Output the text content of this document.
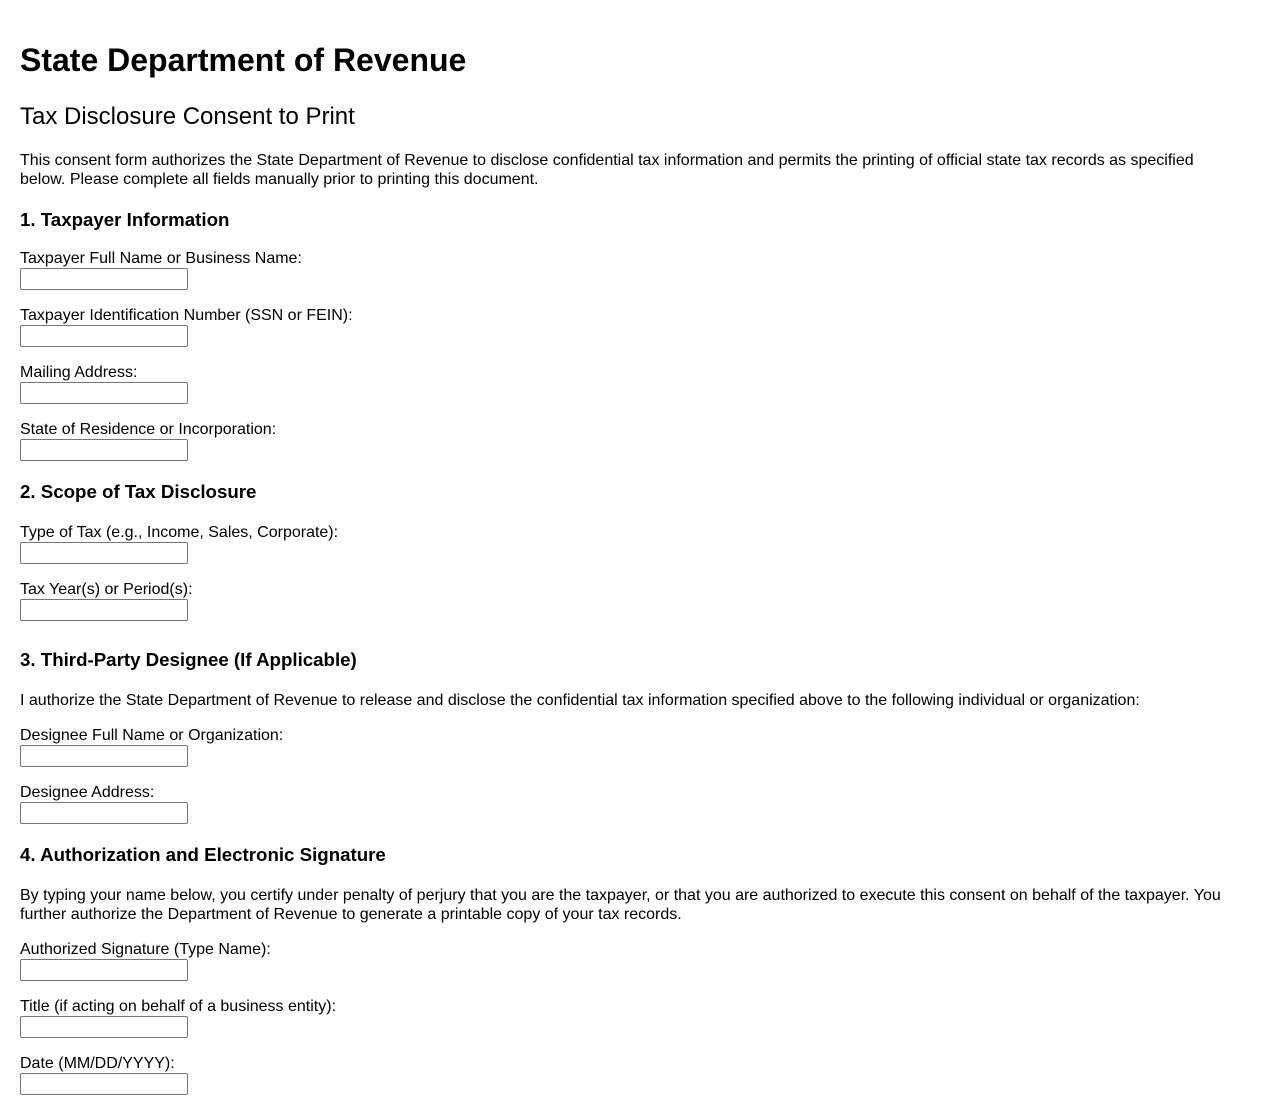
State Department of Revenue
Tax Disclosure Consent to Print

This consent form authorizes the State Department of Revenue to disclose confidential tax information and permits the printing of official state tax records as specified below. Please complete all fields manually prior to printing this document.

1. Taxpayer Information
Taxpayer Full Name or Business Name:
Taxpayer Identification Number (SSN or FEIN):
Mailing Address:
State of Residence or Incorporation:
2. Scope of Tax Disclosure
Type of Tax (e.g., Income, Sales, Corporate):
Tax Year(s) or Period(s):
3. Third-Party Designee (If Applicable)

I authorize the State Department of Revenue to release and disclose the confidential tax information specified above to the following individual or organization:

Designee Full Name or Organization:
Designee Address:
4. Authorization and Electronic Signature

By typing your name below, you certify under penalty of perjury that you are the taxpayer, or that you are authorized to execute this consent on behalf of the taxpayer. You further authorize the Department of Revenue to generate a printable copy of your tax records.

Authorized Signature (Type Name):
Title (if acting on behalf of a business entity):
Date (MM/DD/YYYY):
